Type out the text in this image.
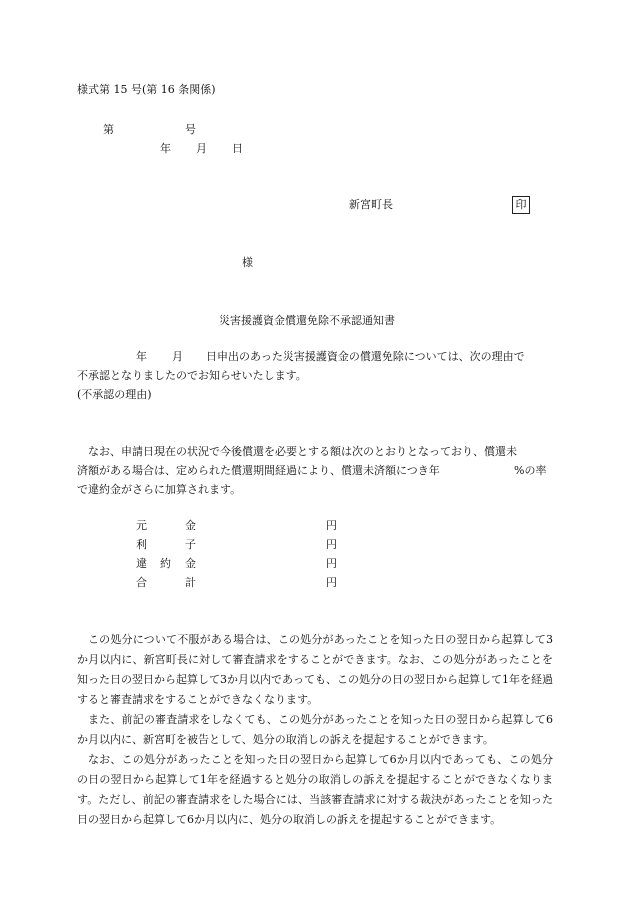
様式第 15 号(第 16 条関係)
第	号
年 月 日
新宮町長	印
様
災害援護資金償還免除不承認通知書
年 月 日申出のあった災害援護資金の償還免除については、次の理由で
不承認となりましたのでお知らせいたします。
(不承認の理由)
なお、申請日現在の状況で今後償還を必要とする額は次のとおりとなっており、償還未
済額がある場合は、定められた償還期間経過により、償還未済額につき年	%の率
で違約金がさらに加算されます。
元	金	円
利	子	円
違 約 金	円
合	計	円
この処分について不服がある場合は、この処分があったことを知った日の翌日から起算して3か月以内に、新宮町長に対して審査請求をすることができます。なお、この処分があったことを知った日の翌日から起算して3か月以内であっても、この処分の日の翌日から起算して1年を経過すると審査請求をすることができなくなります。
また、前記の審査請求をしなくても、この処分があったことを知った日の翌日から起算して6か月以内に、新宮町を被告として、処分の取消しの訴えを提起することができます。
なお、この処分があったことを知った日の翌日から起算して6か月以内であっても、この処分の日の翌日から起算して1年を経過すると処分の取消しの訴えを提起することができなくなります。ただし、前記の審査請求をした場合には、当該審査請求に対する裁決があったことを知った日の翌日から起算して6か月以内に、処分の取消しの訴えを提起することができます。
